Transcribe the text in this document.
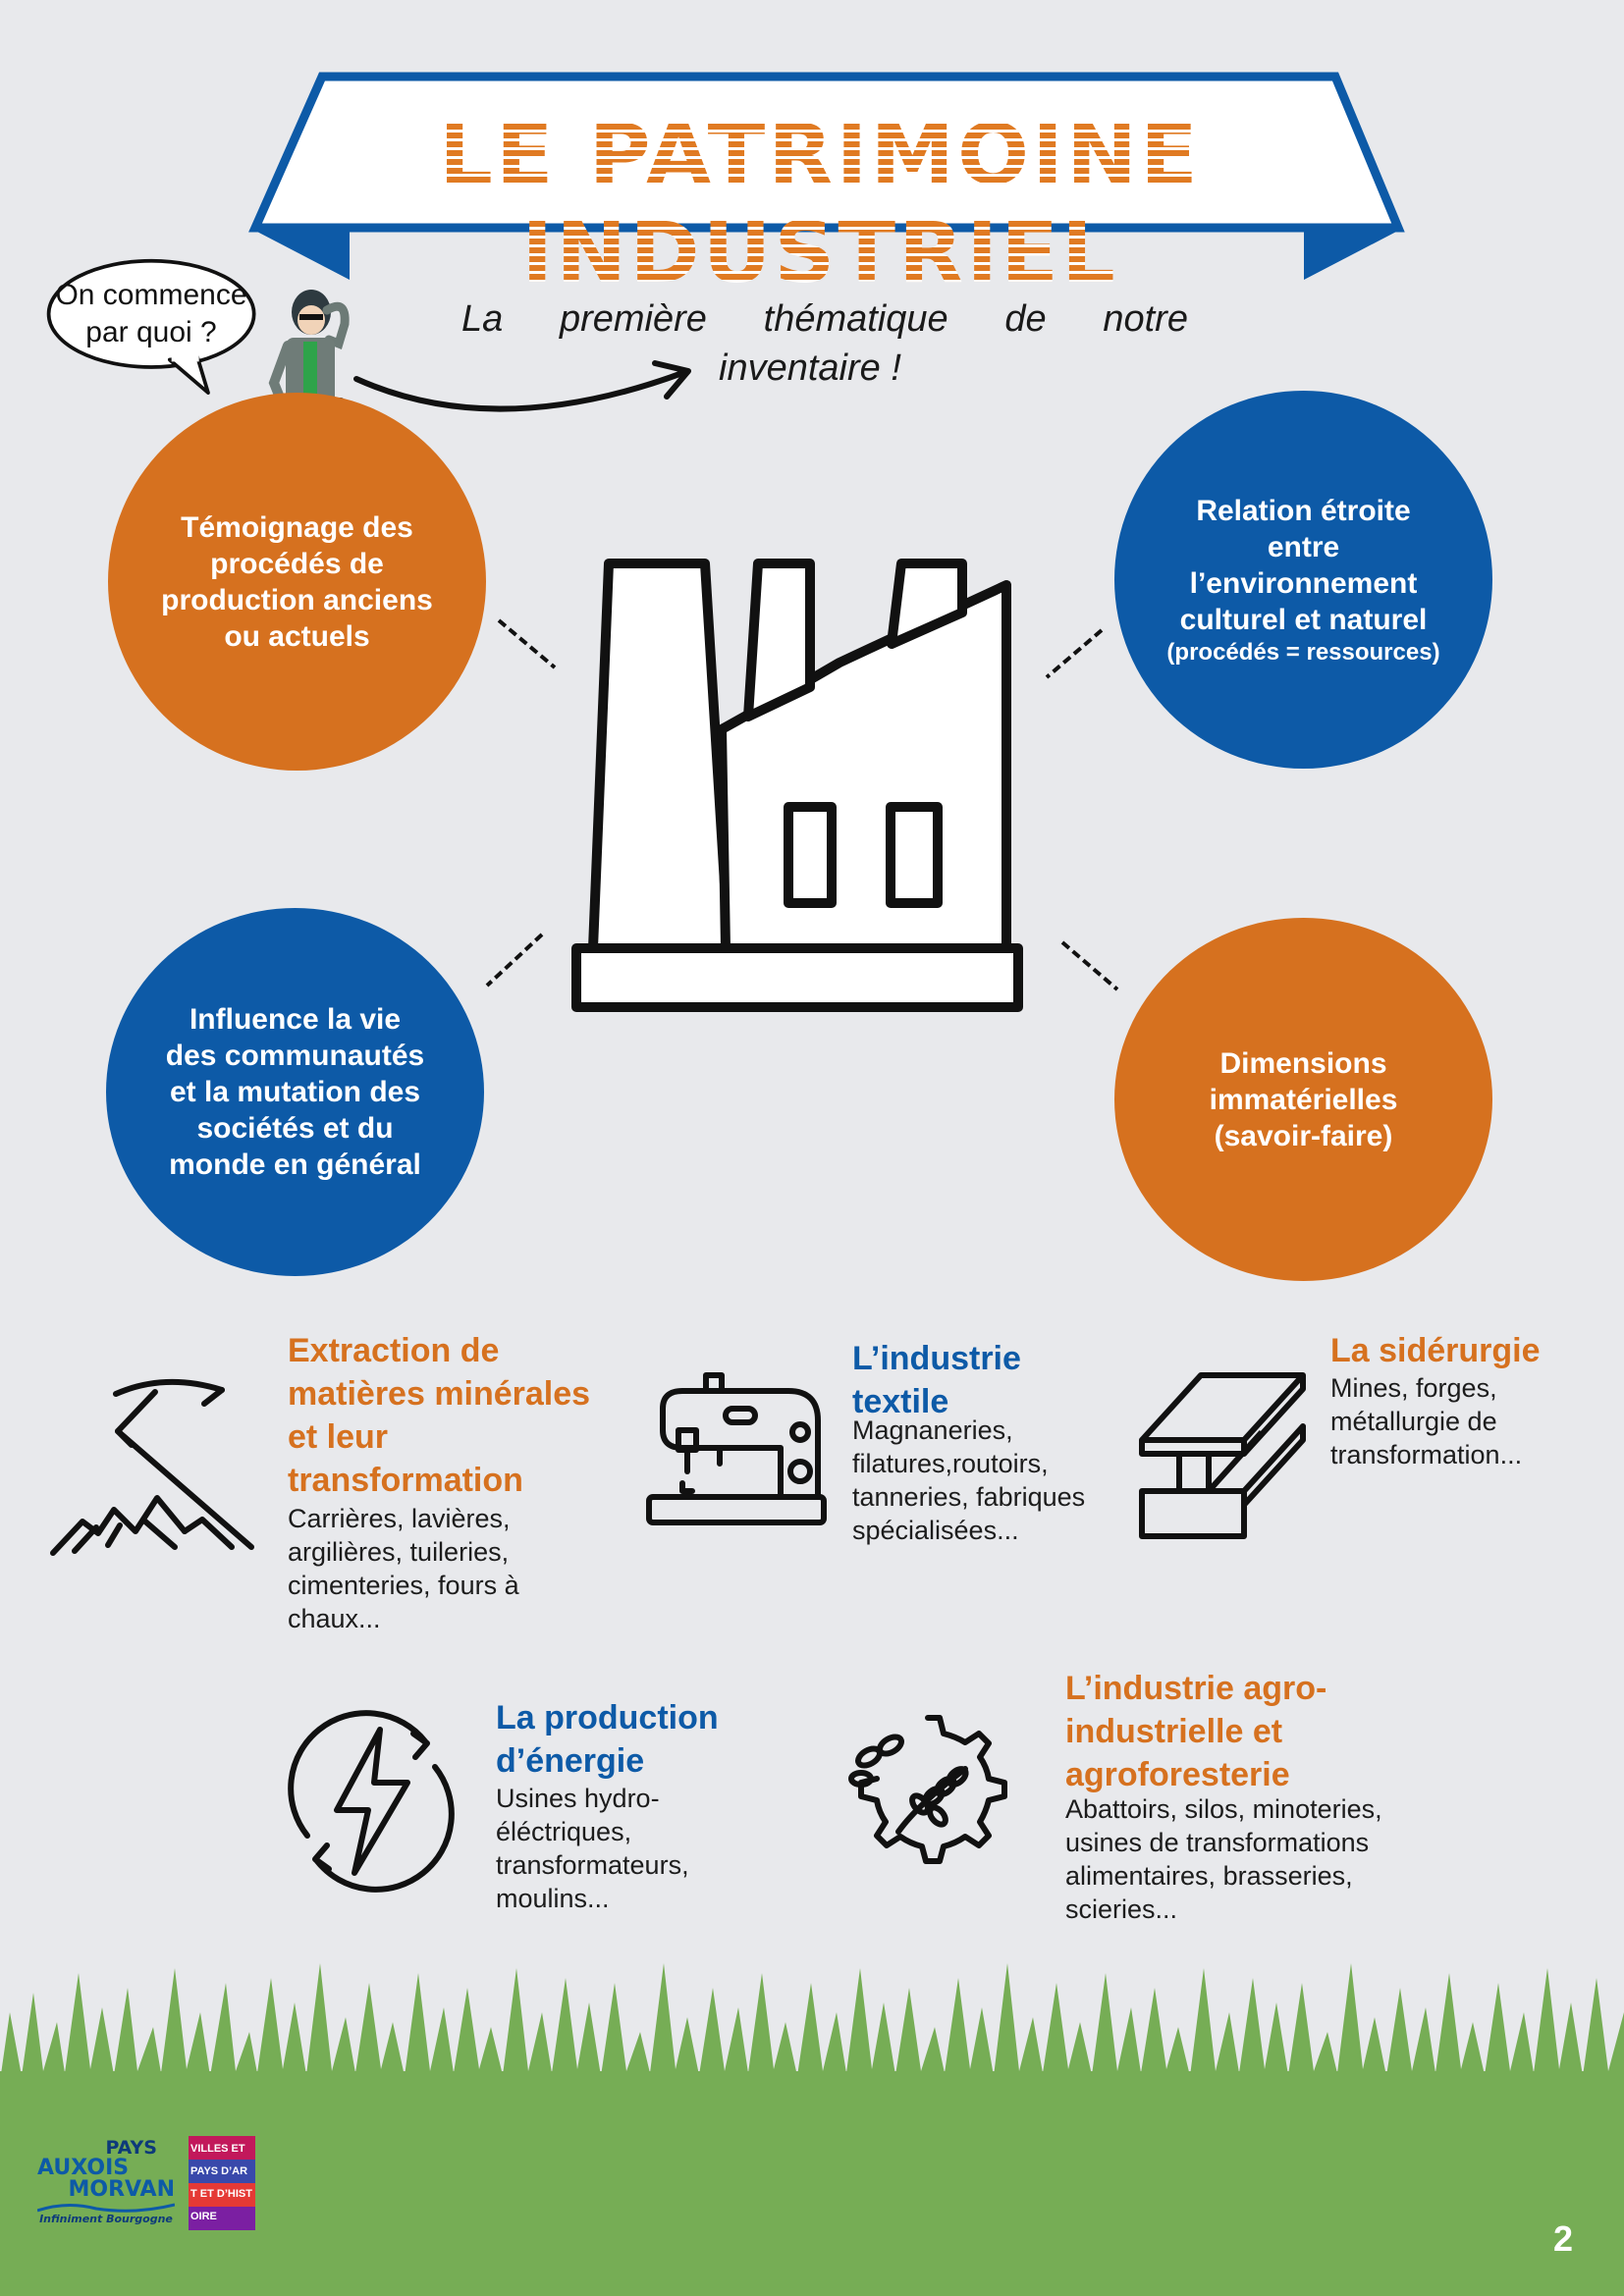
LE PATRIMOINE INDUSTRIEL
On commence
par quoi ?	La première thématique de notre
inventaire !
Témoignage des procédés de production anciens ou actuels
Relation étroite
entre
l’environnement
culturel et naturel
(procédés = ressources)
Influence la vie des communautés et la mutation des sociétés et du monde en général
Dimensions
immatérielles
(savoir-faire)
Extraction de matières minérales et leur transformation
Carrières, lavières, argilières, tuileries, cimenteries, fours à chaux...
L’industrie textile
Magnaneries, filatures,routoirs, tanneries, fabriques spécialisées...
La sidérurgie
Mines, forges, métallurgie de transformation...
La production d’énergie
Usines hydro-éléctriques, transformateurs, moulins...
L’industrie agro-industrielle et agroforesterie
Abattoirs, silos, minoteries, usines de transformations alimentaires, brasseries, scieries...
PAYS
AUXOIS
MORVAN
Infiniment Bourgogne
VILLES ET PAYS D’ART ET D’HISTOIRE
2
